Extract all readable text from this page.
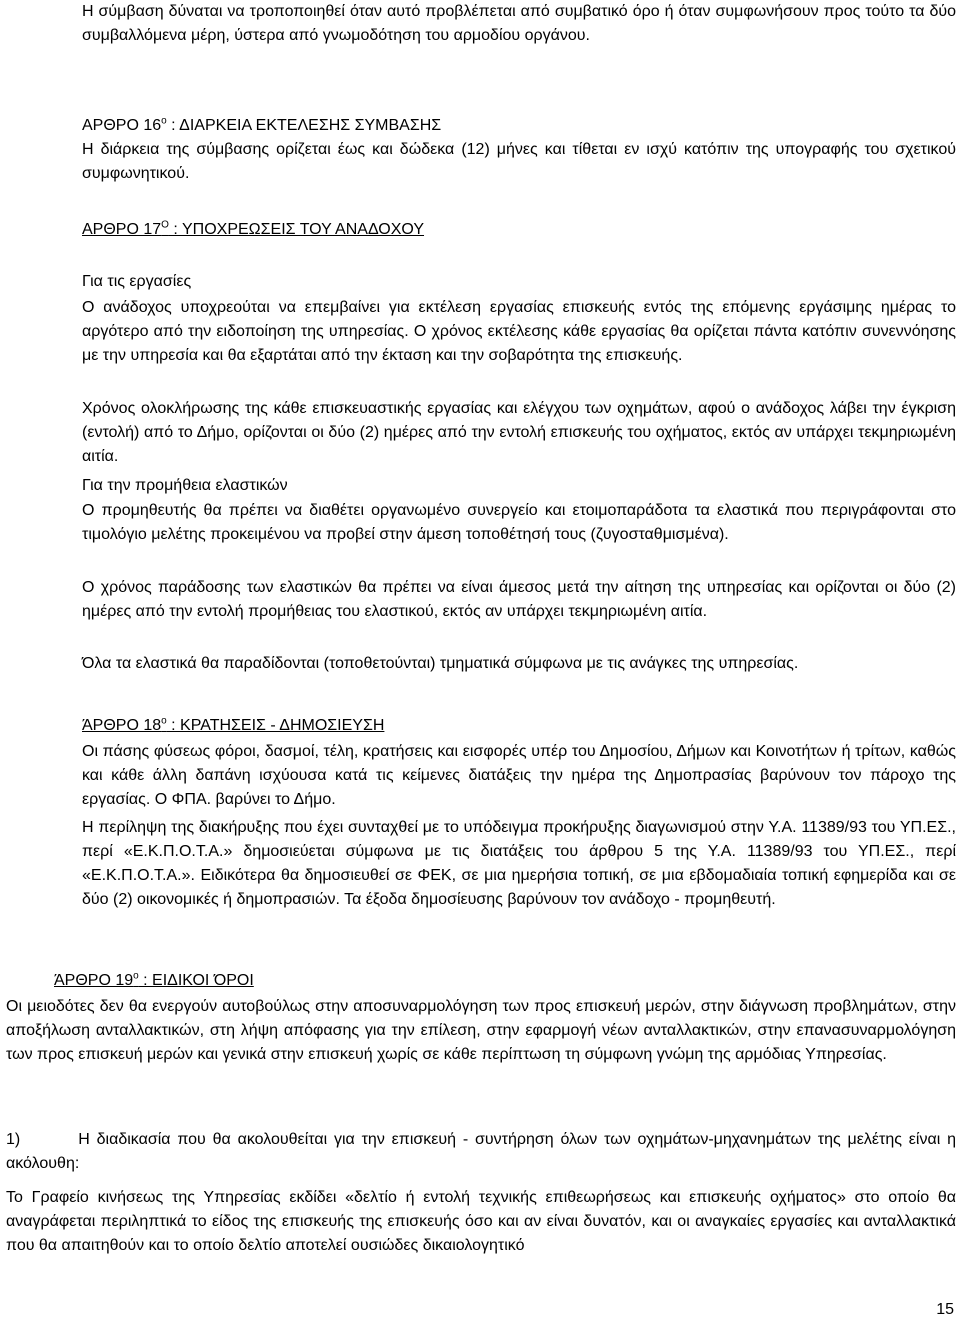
Η σύμβαση δύναται να τροποποιηθεί όταν αυτό προβλέπεται από συμβατικό όρο ή όταν συμφωνήσουν προς τούτο τα δύο συμβαλλόμενα μέρη, ύστερα από γνωμοδότηση του αρμοδίου οργάνου.

ΑΡΘΡΟ $16^o$ : ΔΙΑΡΚΕΙΑ ΕΚΤΕΛΕΣΗΣ ΣΥΜΒΑΣΗΣ

Η διάρκεια της σύμβασης ορίζεται έως και δώδεκα (12) μήνες και τίθεται εν ισχύ κατόπιν της υπογραφής του σχετικού συμφωνητικού.

ΑΡΘΡΟ $17^O$ : ΥΠΟΧΡΕΩΣΕΙΣ ΤΟΥ ΑΝΑΔΟΧΟΥ

Για τις εργασίες

Ο ανάδοχος υποχρεούται να επεμβαίνει για εκτέλεση εργασίας επισκευής εντός της επόμενης εργάσιμης ημέρας το αργότερο από την ειδοποίηση της υπηρεσίας. Ο χρόνος εκτέλεσης κάθε εργασίας θα ορίζεται πάντα κατόπιν συνεννόησης με την υπηρεσία και θα εξαρτάται από την έκταση και την σοβαρότητα της επισκευής.

Χρόνος ολοκλήρωσης της κάθε επισκευαστικής εργασίας και ελέγχου των οχημάτων, αφού ο ανάδοχος λάβει την έγκριση (εντολή) από το Δήμο, ορίζονται οι δύο (2) ημέρες από την εντολή επισκευής του οχήματος, εκτός αν υπάρχει τεκμηριωμένη αιτία.

Για την προμήθεια ελαστικών

Ο προμηθευτής θα πρέπει να διαθέτει οργανωμένο συνεργείο και ετοιμοπαράδοτα τα ελαστικά που περιγράφονται στο τιμολόγιο μελέτης προκειμένου να προβεί στην άμεση τοποθέτησή τους (ζυγοσταθμισμένα).

Ο χρόνος παράδοσης των ελαστικών θα πρέπει να είναι άμεσος μετά την αίτηση της υπηρεσίας και ορίζονται οι δύο (2) ημέρες από την εντολή προμήθειας του ελαστικού, εκτός αν υπάρχει τεκμηριωμένη αιτία.

Όλα τα ελαστικά θα παραδίδονται (τοποθετούνται) τμηματικά σύμφωνα με τις ανάγκες της υπηρεσίας.

ΆΡΘΡΟ $18^o$ : ΚΡΑΤΗΣΕΙΣ - ΔΗΜΟΣΙΕΥΣΗ

Οι πάσης φύσεως φόροι, δασμοί, τέλη, κρατήσεις και εισφορές υπέρ του Δημοσίου, Δήμων και Κοινοτήτων ή τρίτων, καθώς και κάθε άλλη δαπάνη ισχύουσα κατά τις κείμενες διατάξεις την ημέρα της Δημοπρασίας βαρύνουν τον πάροχο της εργασίας. Ο ΦΠΑ. βαρύνει το Δήμο.

Η περίληψη της διακήρυξης που έχει συνταχθεί με το υπόδειγμα προκήρυξης διαγωνισμού στην Υ.Α. 11389/93 του ΥΠ.ΕΣ., περί «Ε.Κ.Π.Ο.Τ.Α.» δημοσιεύεται σύμφωνα με τις διατάξεις του άρθρου 5 της Υ.Α. 11389/93 του ΥΠ.ΕΣ., περί «Ε.Κ.Π.Ο.Τ.Α.». Ειδικότερα θα δημοσιευθεί σε ΦΕΚ, σε μια ημερήσια τοπική, σε μια εβδομαδιαία τοπική εφημερίδα και σε δύο (2) οικονομικές ή δημοπρασιών. Τα έξοδα δημοσίευσης βαρύνουν τον ανάδοχο - προμηθευτή.

ΆΡΘΡΟ $19^o$ : ΕΙΔΙΚΟΙ ΌΡΟΙ

Οι μειοδότες δεν θα ενεργούν αυτοβούλως στην αποσυναρμολόγηση των προς επισκευή μερών, στην διάγνωση προβλημάτων, στην αποξήλωση ανταλλακτικών, στη λήψη απόφασης για την επίλεση, στην εφαρμογή νέων ανταλλακτικών, στην επανασυναρμολόγηση των προς επισκευή μερών και γενικά στην επισκευή χωρίς σε κάθε περίπτωση τη σύμφωνη γνώμη της αρμόδιας Υπηρεσίας.

1)	Η διαδικασία που θα ακολουθείται για την επισκευή - συντήρηση όλων των οχημάτων-μηχανημάτων της μελέτης είναι η ακόλουθη:

Το Γραφείο κινήσεως της Υπηρεσίας εκδίδει «δελτίο ή εντολή τεχνικής επιθεωρήσεως και επισκευής οχήματος» στο οποίο θα αναγράφεται περιληπτικά το είδος της επισκευής της επισκευής όσο και αν είναι δυνατόν, και οι αναγκαίες εργασίες και ανταλλακτικά που θα απαιτηθούν και το οποίο δελτίο αποτελεί ουσιώδες δικαιολογητικό

15
